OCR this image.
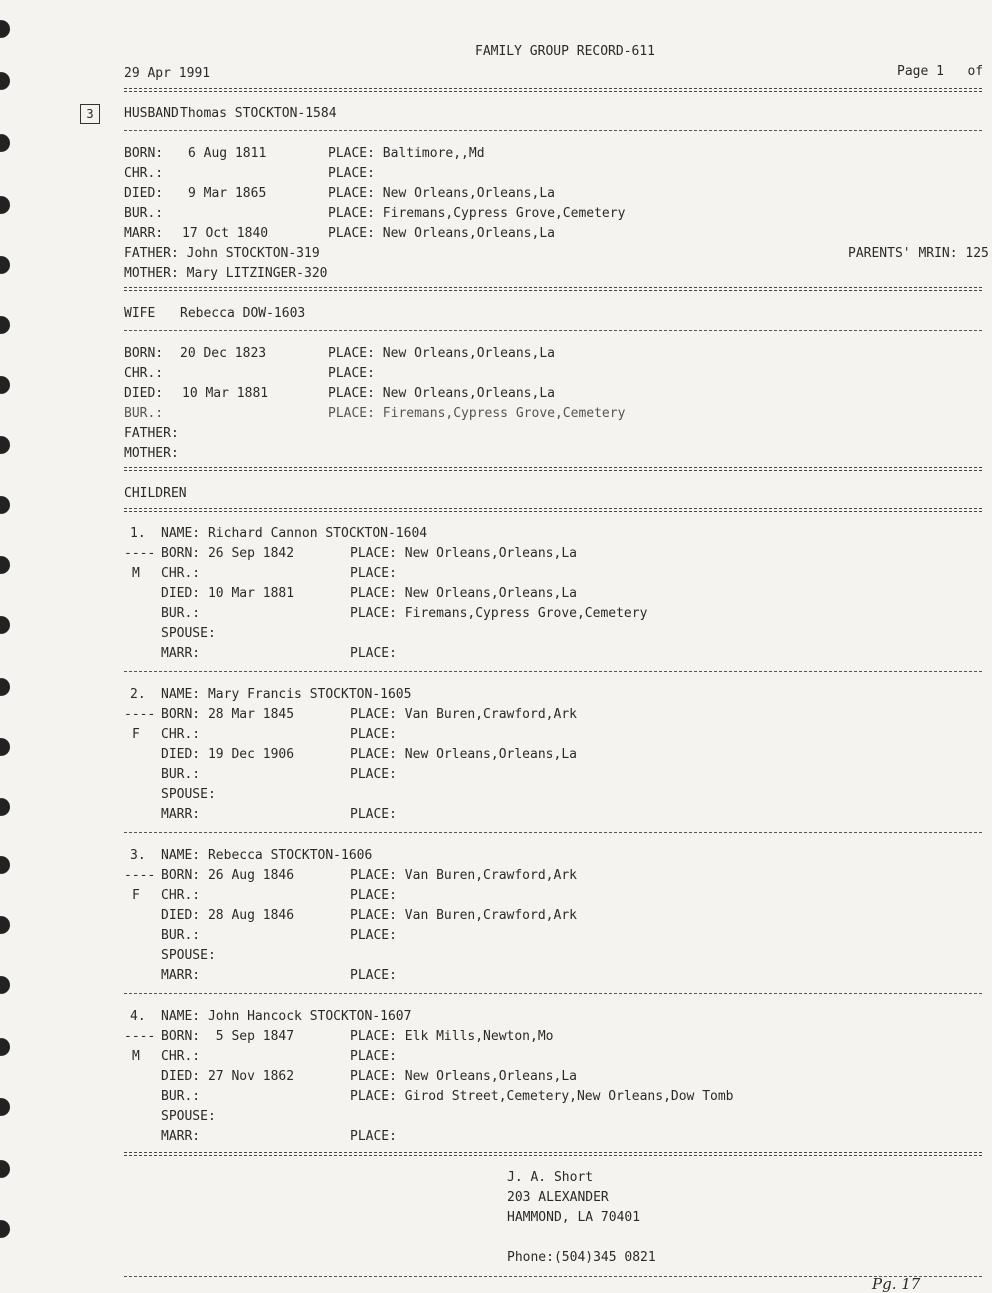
FAMILY GROUP RECORD-611
29 Apr 1991	Page 1   of
3	HUSBAND Thomas STOCKTON-1584
BORN: 6 Aug 1811	PLACE: Baltimore,,Md
CHR.:	PLACE:
DIED: 9 Mar 1865	PLACE: New Orleans,Orleans,La
BUR.:	PLACE: Firemans,Cypress Grove,Cemetery
MARR: 17 Oct 1840	PLACE: New Orleans,Orleans,La
FATHER: John STOCKTON-319	PARENTS' MRIN: 125
MOTHER: Mary LITZINGER-320
WIFE Rebecca DOW-1603
BORN: 20 Dec 1823	PLACE: New Orleans,Orleans,La
CHR.:	PLACE:
DIED: 10 Mar 1881	PLACE: New Orleans,Orleans,La
BUR.:	PLACE: Firemans,Cypress Grove,Cemetery
FATHER:
MOTHER:
CHILDREN
1. NAME: Richard Cannon STOCKTON-1604
---- BORN: 26 Sep 1842	PLACE: New Orleans,Orleans,La
M CHR.:	PLACE:
DIED: 10 Mar 1881	PLACE: New Orleans,Orleans,La
BUR.:	PLACE: Firemans,Cypress Grove,Cemetery
SPOUSE:
MARR:	PLACE:
2. NAME: Mary Francis STOCKTON-1605
---- BORN: 28 Mar 1845	PLACE: Van Buren,Crawford,Ark
F CHR.:	PLACE:
DIED: 19 Dec 1906	PLACE: New Orleans,Orleans,La
BUR.:	PLACE:
SPOUSE:
MARR:	PLACE:
3. NAME: Rebecca STOCKTON-1606
---- BORN: 26 Aug 1846	PLACE: Van Buren,Crawford,Ark
F CHR.:	PLACE:
DIED: 28 Aug 1846	PLACE: Van Buren,Crawford,Ark
BUR.:	PLACE:
SPOUSE:
MARR:	PLACE:
4. NAME: John Hancock STOCKTON-1607
---- BORN:  5 Sep 1847	PLACE: Elk Mills,Newton,Mo
M CHR.:	PLACE:
DIED: 27 Nov 1862	PLACE: New Orleans,Orleans,La
BUR.:	PLACE: Girod Street,Cemetery,New Orleans,Dow Tomb
SPOUSE:
MARR:	PLACE:
J. A. Short
203 ALEXANDER
HAMMOND, LA 70401
Phone:(504)345 0821
Pg. 17
